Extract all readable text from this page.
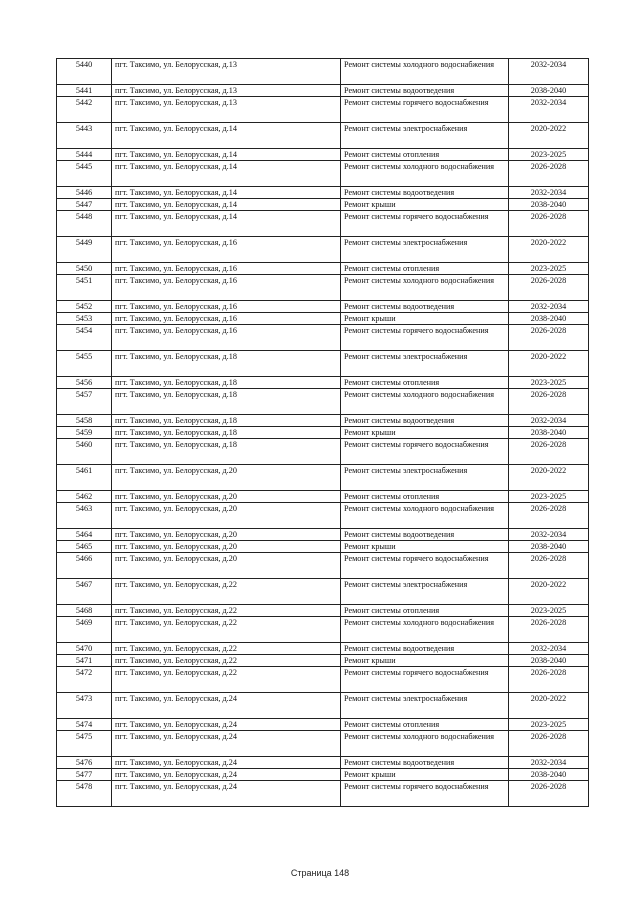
5440	пгт. Таксимо, ул. Белорусская, д.13	Ремонт системы холодного водоснабжения	2032-2034
5441	пгт. Таксимо, ул. Белорусская, д.13	Ремонт системы водоотведения	2038-2040
5442	пгт. Таксимо, ул. Белорусская, д.13	Ремонт системы горячего водоснабжения	2032-2034
5443	пгт. Таксимо, ул. Белорусская, д.14	Ремонт системы электроснабжения	2020-2022
5444	пгт. Таксимо, ул. Белорусская, д.14	Ремонт системы отопления	2023-2025
5445	пгт. Таксимо, ул. Белорусская, д.14	Ремонт системы холодного водоснабжения	2026-2028
5446	пгт. Таксимо, ул. Белорусская, д.14	Ремонт системы водоотведения	2032-2034
5447	пгт. Таксимо, ул. Белорусская, д.14	Ремонт крыши	2038-2040
5448	пгт. Таксимо, ул. Белорусская, д.14	Ремонт системы горячего водоснабжения	2026-2028
5449	пгт. Таксимо, ул. Белорусская, д.16	Ремонт системы электроснабжения	2020-2022
5450	пгт. Таксимо, ул. Белорусская, д.16	Ремонт системы отопления	2023-2025
5451	пгт. Таксимо, ул. Белорусская, д.16	Ремонт системы холодного водоснабжения	2026-2028
5452	пгт. Таксимо, ул. Белорусская, д.16	Ремонт системы водоотведения	2032-2034
5453	пгт. Таксимо, ул. Белорусская, д.16	Ремонт крыши	2038-2040
5454	пгт. Таксимо, ул. Белорусская, д.16	Ремонт системы горячего водоснабжения	2026-2028
5455	пгт. Таксимо, ул. Белорусская, д.18	Ремонт системы электроснабжения	2020-2022
5456	пгт. Таксимо, ул. Белорусская, д.18	Ремонт системы отопления	2023-2025
5457	пгт. Таксимо, ул. Белорусская, д.18	Ремонт системы холодного водоснабжения	2026-2028
5458	пгт. Таксимо, ул. Белорусская, д.18	Ремонт системы водоотведения	2032-2034
5459	пгт. Таксимо, ул. Белорусская, д.18	Ремонт крыши	2038-2040
5460	пгт. Таксимо, ул. Белорусская, д.18	Ремонт системы горячего водоснабжения	2026-2028
5461	пгт. Таксимо, ул. Белорусская, д.20	Ремонт системы электроснабжения	2020-2022
5462	пгт. Таксимо, ул. Белорусская, д.20	Ремонт системы отопления	2023-2025
5463	пгт. Таксимо, ул. Белорусская, д.20	Ремонт системы холодного водоснабжения	2026-2028
5464	пгт. Таксимо, ул. Белорусская, д.20	Ремонт системы водоотведения	2032-2034
5465	пгт. Таксимо, ул. Белорусская, д.20	Ремонт крыши	2038-2040
5466	пгт. Таксимо, ул. Белорусская, д.20	Ремонт системы горячего водоснабжения	2026-2028
5467	пгт. Таксимо, ул. Белорусская, д.22	Ремонт системы электроснабжения	2020-2022
5468	пгт. Таксимо, ул. Белорусская, д.22	Ремонт системы отопления	2023-2025
5469	пгт. Таксимо, ул. Белорусская, д.22	Ремонт системы холодного водоснабжения	2026-2028
5470	пгт. Таксимо, ул. Белорусская, д.22	Ремонт системы водоотведения	2032-2034
5471	пгт. Таксимо, ул. Белорусская, д.22	Ремонт крыши	2038-2040
5472	пгт. Таксимо, ул. Белорусская, д.22	Ремонт системы горячего водоснабжения	2026-2028
5473	пгт. Таксимо, ул. Белорусская, д.24	Ремонт системы электроснабжения	2020-2022
5474	пгт. Таксимо, ул. Белорусская, д.24	Ремонт системы отопления	2023-2025
5475	пгт. Таксимо, ул. Белорусская, д.24	Ремонт системы холодного водоснабжения	2026-2028
5476	пгт. Таксимо, ул. Белорусская, д.24	Ремонт системы водоотведения	2032-2034
5477	пгт. Таксимо, ул. Белорусская, д.24	Ремонт крыши	2038-2040
5478	пгт. Таксимо, ул. Белорусская, д.24	Ремонт системы горячего водоснабжения	2026-2028
Страница 148
